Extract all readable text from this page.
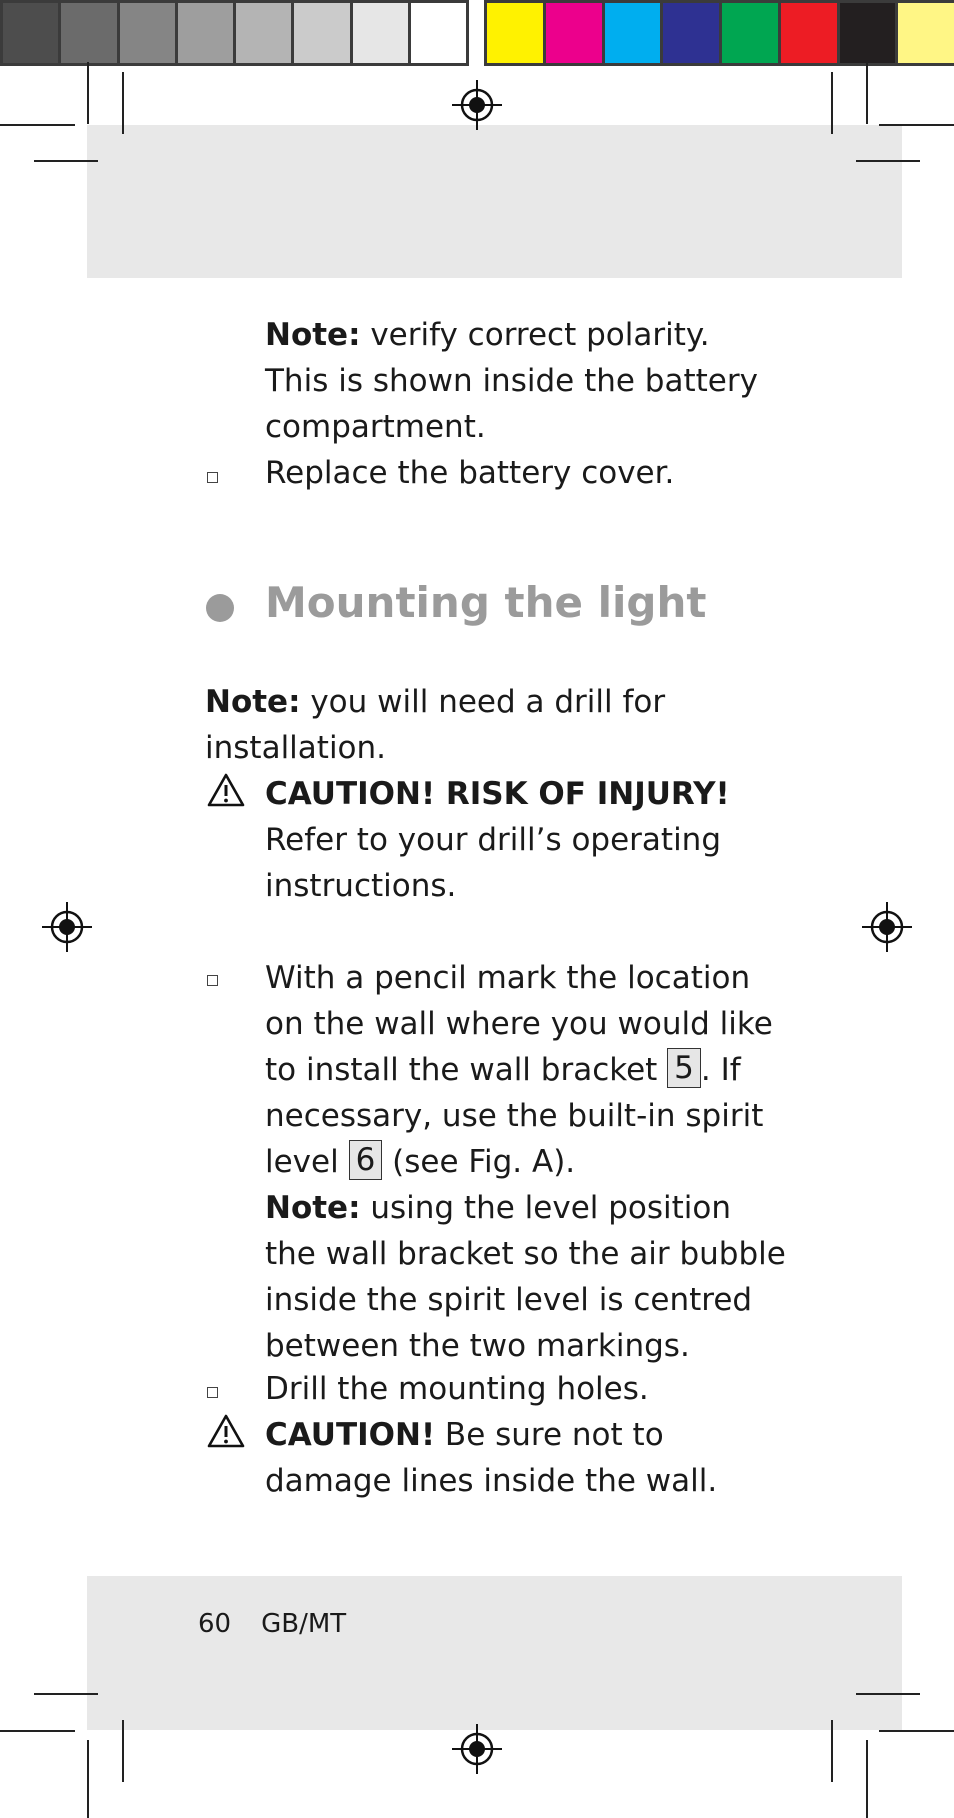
Note: verify correct polarity.
This is shown inside the battery
compartment.
Replace the battery cover.
Mounting the light
Note: you will need a drill for
installation.
CAUTION! RISK OF INJURY!
Refer to your drill’s operating
instructions.
With a pencil mark the location
on the wall where you would like
to install the wall bracket 5 . If
necessary, use the built-in spirit
level 6 (see Fig. A).
Note: using the level position
the wall bracket so the air bubble
inside the spirit level is centred
between the two markings.
Drill the mounting holes.
CAUTION! Be sure not to
damage lines inside the wall.
60 GB/MT
